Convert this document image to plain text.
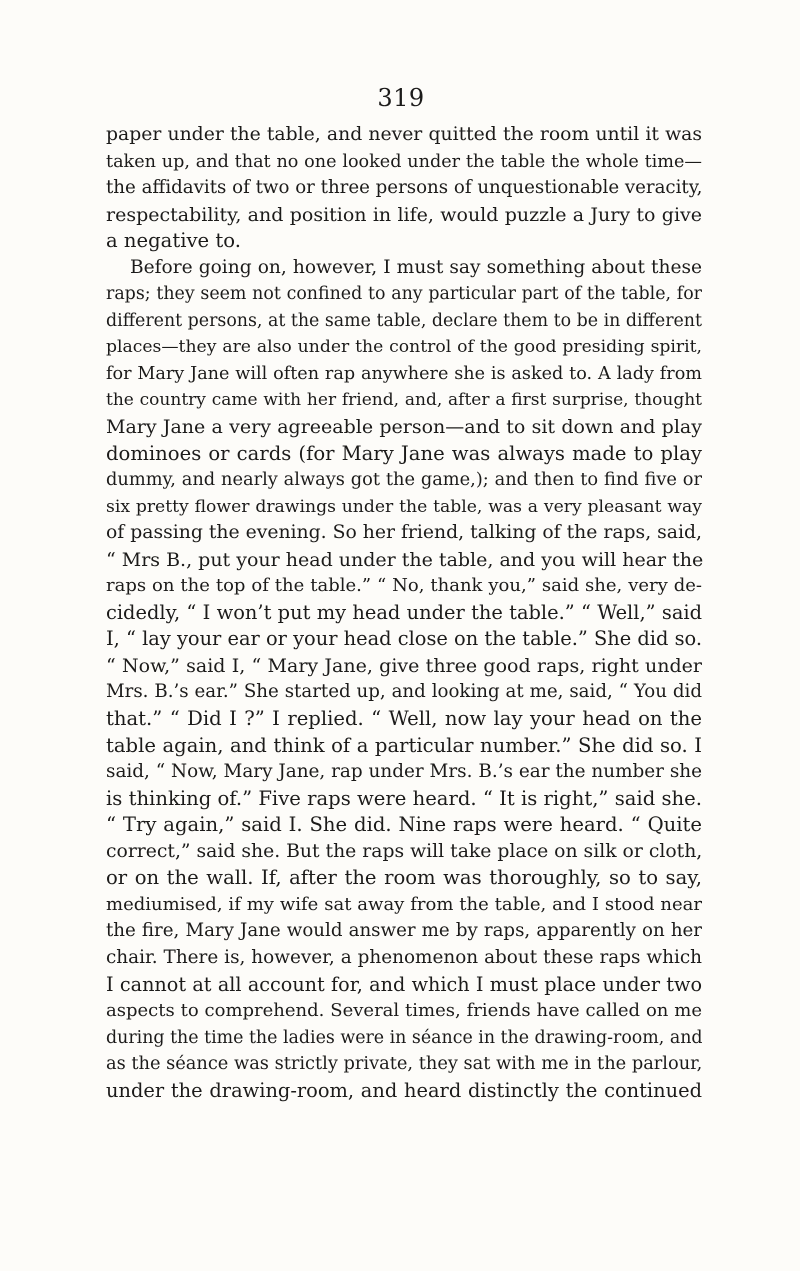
319
paper under the table, and never quitted the room until it was
taken up, and that no one looked under the table the whole time—
the affidavits of two or three persons of unquestionable veracity,
respectability, and position in life, would puzzle a Jury to give
a negative to.
Before going on, however, I must say something about these
raps; they seem not confined to any particular part of the table, for
different persons, at the same table, declare them to be in different
places—they are also under the control of the good presiding spirit,
for Mary Jane will often rap anywhere she is asked to. A lady from
the country came with her friend, and, after a first surprise, thought
Mary Jane a very agreeable person—and to sit down and play
dominoes or cards (for Mary Jane was always made to play
dummy, and nearly always got the game,); and then to find five or
six pretty flower drawings under the table, was a very pleasant way
of passing the evening. So her friend, talking of the raps, said,
“ Mrs B., put your head under the table, and you will hear the
raps on the top of the table.” “ No, thank you,” said she, very de-
cidedly, “ I won’t put my head under the table.” “ Well,” said
I, “ lay your ear or your head close on the table.” She did so.
“ Now,” said I, “ Mary Jane, give three good raps, right under
Mrs. B.’s ear.” She started up, and looking at me, said, “ You did
that.” “ Did I ?” I replied. “ Well, now lay your head on the
table again, and think of a particular number.” She did so. I
said, “ Now, Mary Jane, rap under Mrs. B.’s ear the number she
is thinking of.” Five raps were heard. “ It is right,” said she.
“ Try again,” said I. She did. Nine raps were heard. “ Quite
correct,” said she. But the raps will take place on silk or cloth,
or on the wall. If, after the room was thoroughly, so to say,
mediumised, if my wife sat away from the table, and I stood near
the fire, Mary Jane would answer me by raps, apparently on her
chair. There is, however, a phenomenon about these raps which
I cannot at all account for, and which I must place under two
aspects to comprehend. Several times, friends have called on me
during the time the ladies were in séance in the drawing-room, and
as the séance was strictly private, they sat with me in the parlour,
under the drawing-room, and heard distinctly the continued
